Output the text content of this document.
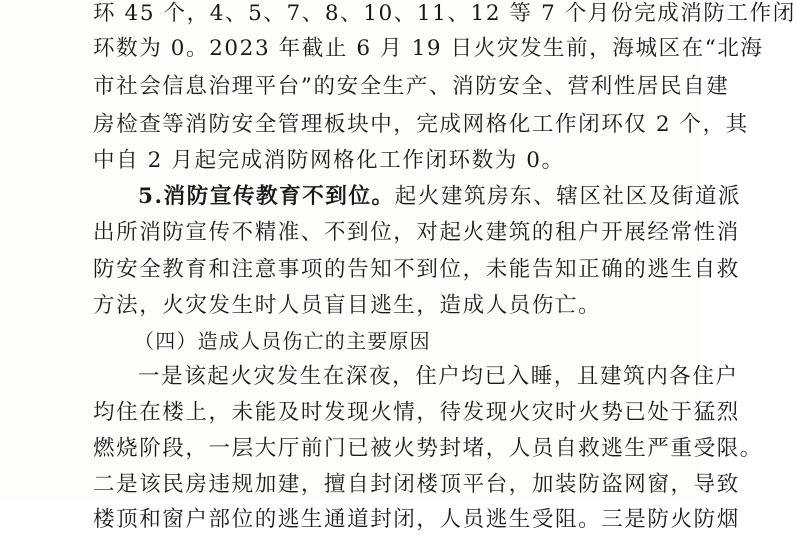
环 45 个，4、5、7、8、10、11、12 等 7 个月份完成消防工作闭
环数为 0。2023 年截止 6 月 19 日火灾发生前，海城区在“北海
市社会信息治理平台”的安全生产、消防安全、营利性居民自建
房检查等消防安全管理板块中，完成网格化工作闭环仅 2 个，其
中自 2 月起完成消防网格化工作闭环数为 0。
5.消防宣传教育不到位。起火建筑房东、辖区社区及街道派
出所消防宣传不精准、不到位，对起火建筑的租户开展经常性消
防安全教育和注意事项的告知不到位，未能告知正确的逃生自救
方法，火灾发生时人员盲目逃生，造成人员伤亡。
（四）造成人员伤亡的主要原因
一是该起火灾发生在深夜，住户均已入睡，且建筑内各住户
均住在楼上，未能及时发现火情，待发现火灾时火势已处于猛烈
燃烧阶段，一层大厅前门已被火势封堵，人员自救逃生严重受限。
二是该民房违规加建，擅自封闭楼顶平台，加装防盗网窗，导致
楼顶和窗户部位的逃生通道封闭，人员逃生受阻。三是防火防烟
